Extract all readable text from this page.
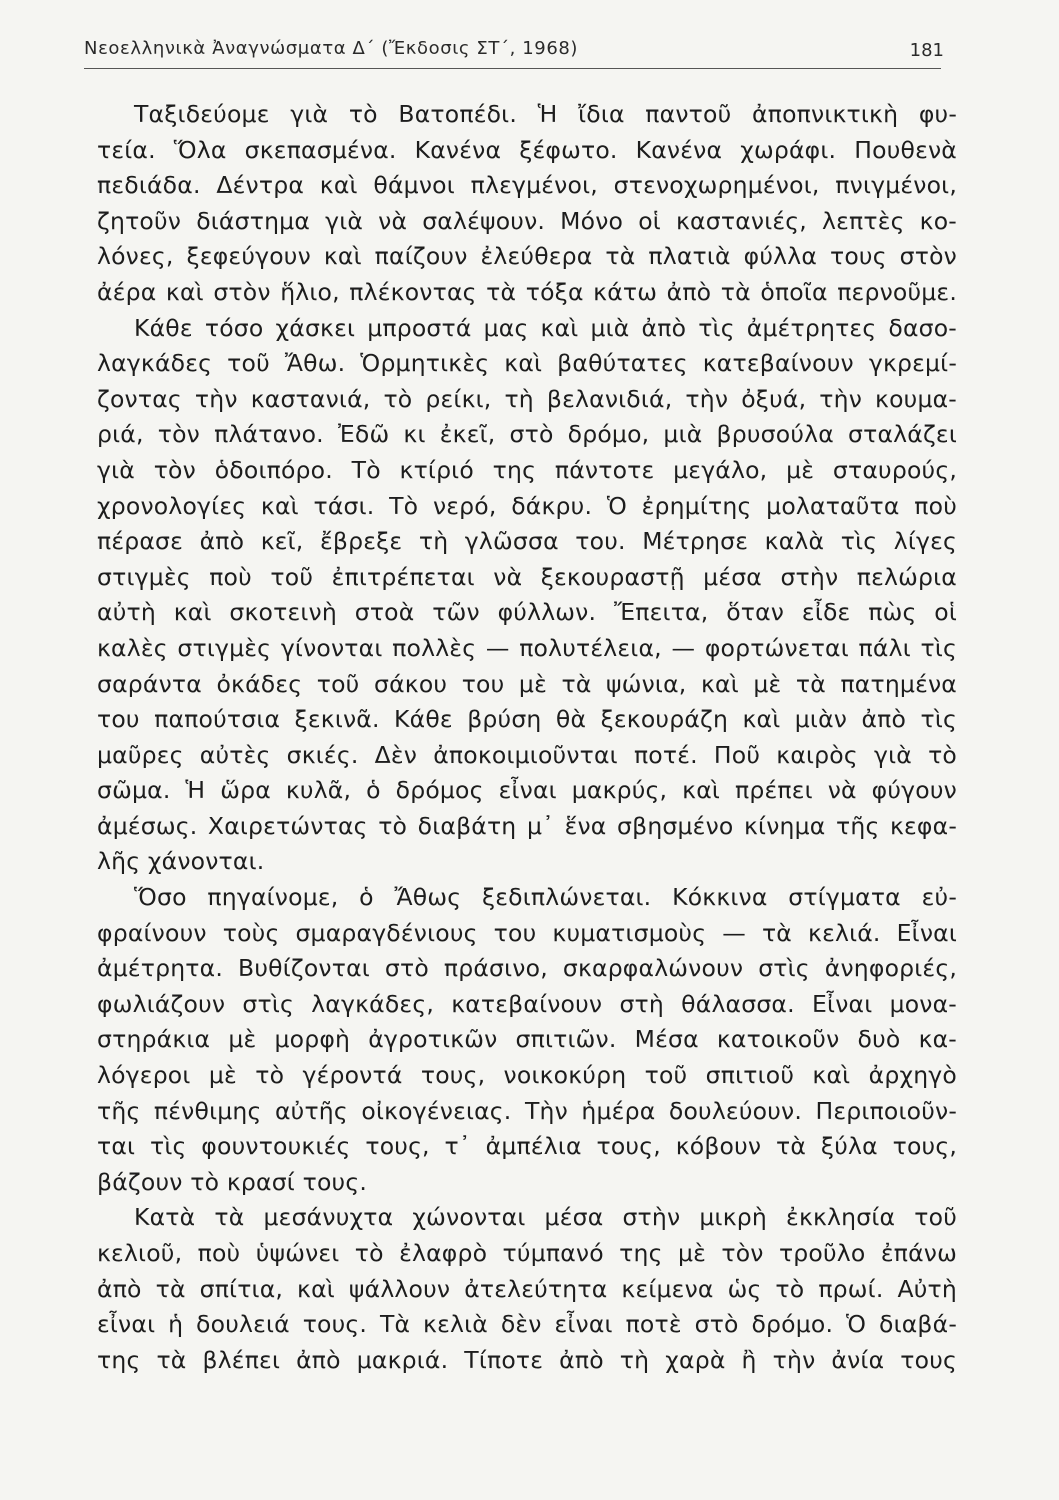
Νεοελληνικὰ Ἀναγνώσματα Δ΄ (Ἔκδοσις ΣΤ΄, 1968)	181
Ταξιδεύομε γιὰ τὸ Βατοπέδι. Ἡ ἴδια παντοῦ ἀποπνικτικὴ φυ-
τεία. Ὅλα σκεπασμένα. Κανένα ξέφωτο. Κανένα χωράφι. Πουθενὰ
πεδιάδα. Δέντρα καὶ θάμνοι πλεγμένοι, στενοχωρημένοι, πνιγμένοι,
ζητοῦν διάστημα γιὰ νὰ σαλέψουν. Μόνο οἱ καστανιές, λεπτὲς κο-
λόνες, ξεφεύγουν καὶ παίζουν ἐλεύθερα τὰ πλατιὰ φύλλα τους στὸν
ἀέρα καὶ στὸν ἥλιο, πλέκοντας τὰ τόξα κάτω ἀπὸ τὰ ὁποῖα περνοῦμε.
Κάθε τόσο χάσκει μπροστά μας καὶ μιὰ ἀπὸ τὶς ἀμέτρητες δασο-
λαγκάδες τοῦ Ἄθω. Ὁρμητικὲς καὶ βαθύτατες κατεβαίνουν γκρεμί-
ζοντας τὴν καστανιά, τὸ ρείκι, τὴ βελανιδιά, τὴν ὀξυά, τὴν κουμα-
ριά, τὸν πλάτανο. Ἐδῶ κι ἐκεῖ, στὸ δρόμο, μιὰ βρυσούλα σταλάζει
γιὰ τὸν ὁδοιπόρο. Τὸ κτίριό της πάντοτε μεγάλο, μὲ σταυρούς,
χρονολογίες καὶ τάσι. Τὸ νερό, δάκρυ. Ὁ ἐρημίτης μολαταῦτα ποὺ
πέρασε ἀπὸ κεῖ, ἔβρεξε τὴ γλῶσσα του. Μέτρησε καλὰ τὶς λίγες
στιγμὲς ποὺ τοῦ ἐπιτρέπεται νὰ ξεκουραστῇ μέσα στὴν πελώρια
αὐτὴ καὶ σκοτεινὴ στοὰ τῶν φύλλων. Ἔπειτα, ὅταν εἶδε πὼς οἱ
καλὲς στιγμὲς γίνονται πολλὲς — πολυτέλεια, — φορτώνεται πάλι τὶς
σαράντα ὀκάδες τοῦ σάκου του μὲ τὰ ψώνια, καὶ μὲ τὰ πατημένα
του παπούτσια ξεκινᾶ. Κάθε βρύση θὰ ξεκουράζη καὶ μιὰν ἀπὸ τὶς
μαῦρες αὐτὲς σκιές. Δὲν ἀποκοιμιοῦνται ποτέ. Ποῦ καιρὸς γιὰ τὸ
σῶμα. Ἡ ὥρα κυλᾶ, ὁ δρόμος εἶναι μακρύς, καὶ πρέπει νὰ φύγουν
ἀμέσως. Χαιρετώντας τὸ διαβάτη μ᾽ ἕνα σβησμένο κίνημα τῆς κεφα-
λῆς χάνονται.
Ὅσο πηγαίνομε, ὁ Ἄθως ξεδιπλώνεται. Κόκκινα στίγματα εὐ-
φραίνουν τοὺς σμαραγδένιους του κυματισμοὺς — τὰ κελιά. Εἶναι
ἀμέτρητα. Βυθίζονται στὸ πράσινο, σκαρφαλώνουν στὶς ἀνηφοριές,
φωλιάζουν στὶς λαγκάδες, κατεβαίνουν στὴ θάλασσα. Εἶναι μονα-
στηράκια μὲ μορφὴ ἀγροτικῶν σπιτιῶν. Μέσα κατοικοῦν δυὸ κα-
λόγεροι μὲ τὸ γέροντά τους, νοικοκύρη τοῦ σπιτιοῦ καὶ ἀρχηγὸ
τῆς πένθιμης αὐτῆς οἰκογένειας. Τὴν ἡμέρα δουλεύουν. Περιποιοῦν-
ται τὶς φουντουκιές τους, τ᾽ ἀμπέλια τους, κόβουν τὰ ξύλα τους,
βάζουν τὸ κρασί τους.
Κατὰ τὰ μεσάνυχτα χώνονται μέσα στὴν μικρὴ ἐκκλησία τοῦ
κελιοῦ, ποὺ ὑψώνει τὸ ἐλαφρὸ τύμπανό της μὲ τὸν τροῦλο ἐπάνω
ἀπὸ τὰ σπίτια, καὶ ψάλλουν ἀτελεύτητα κείμενα ὡς τὸ πρωί. Αὐτὴ
εἶναι ἡ δουλειά τους. Τὰ κελιὰ δὲν εἶναι ποτὲ στὸ δρόμο. Ὁ διαβά-
της τὰ βλέπει ἀπὸ μακριά. Τίποτε ἀπὸ τὴ χαρὰ ἢ τὴν ἀνία τους
